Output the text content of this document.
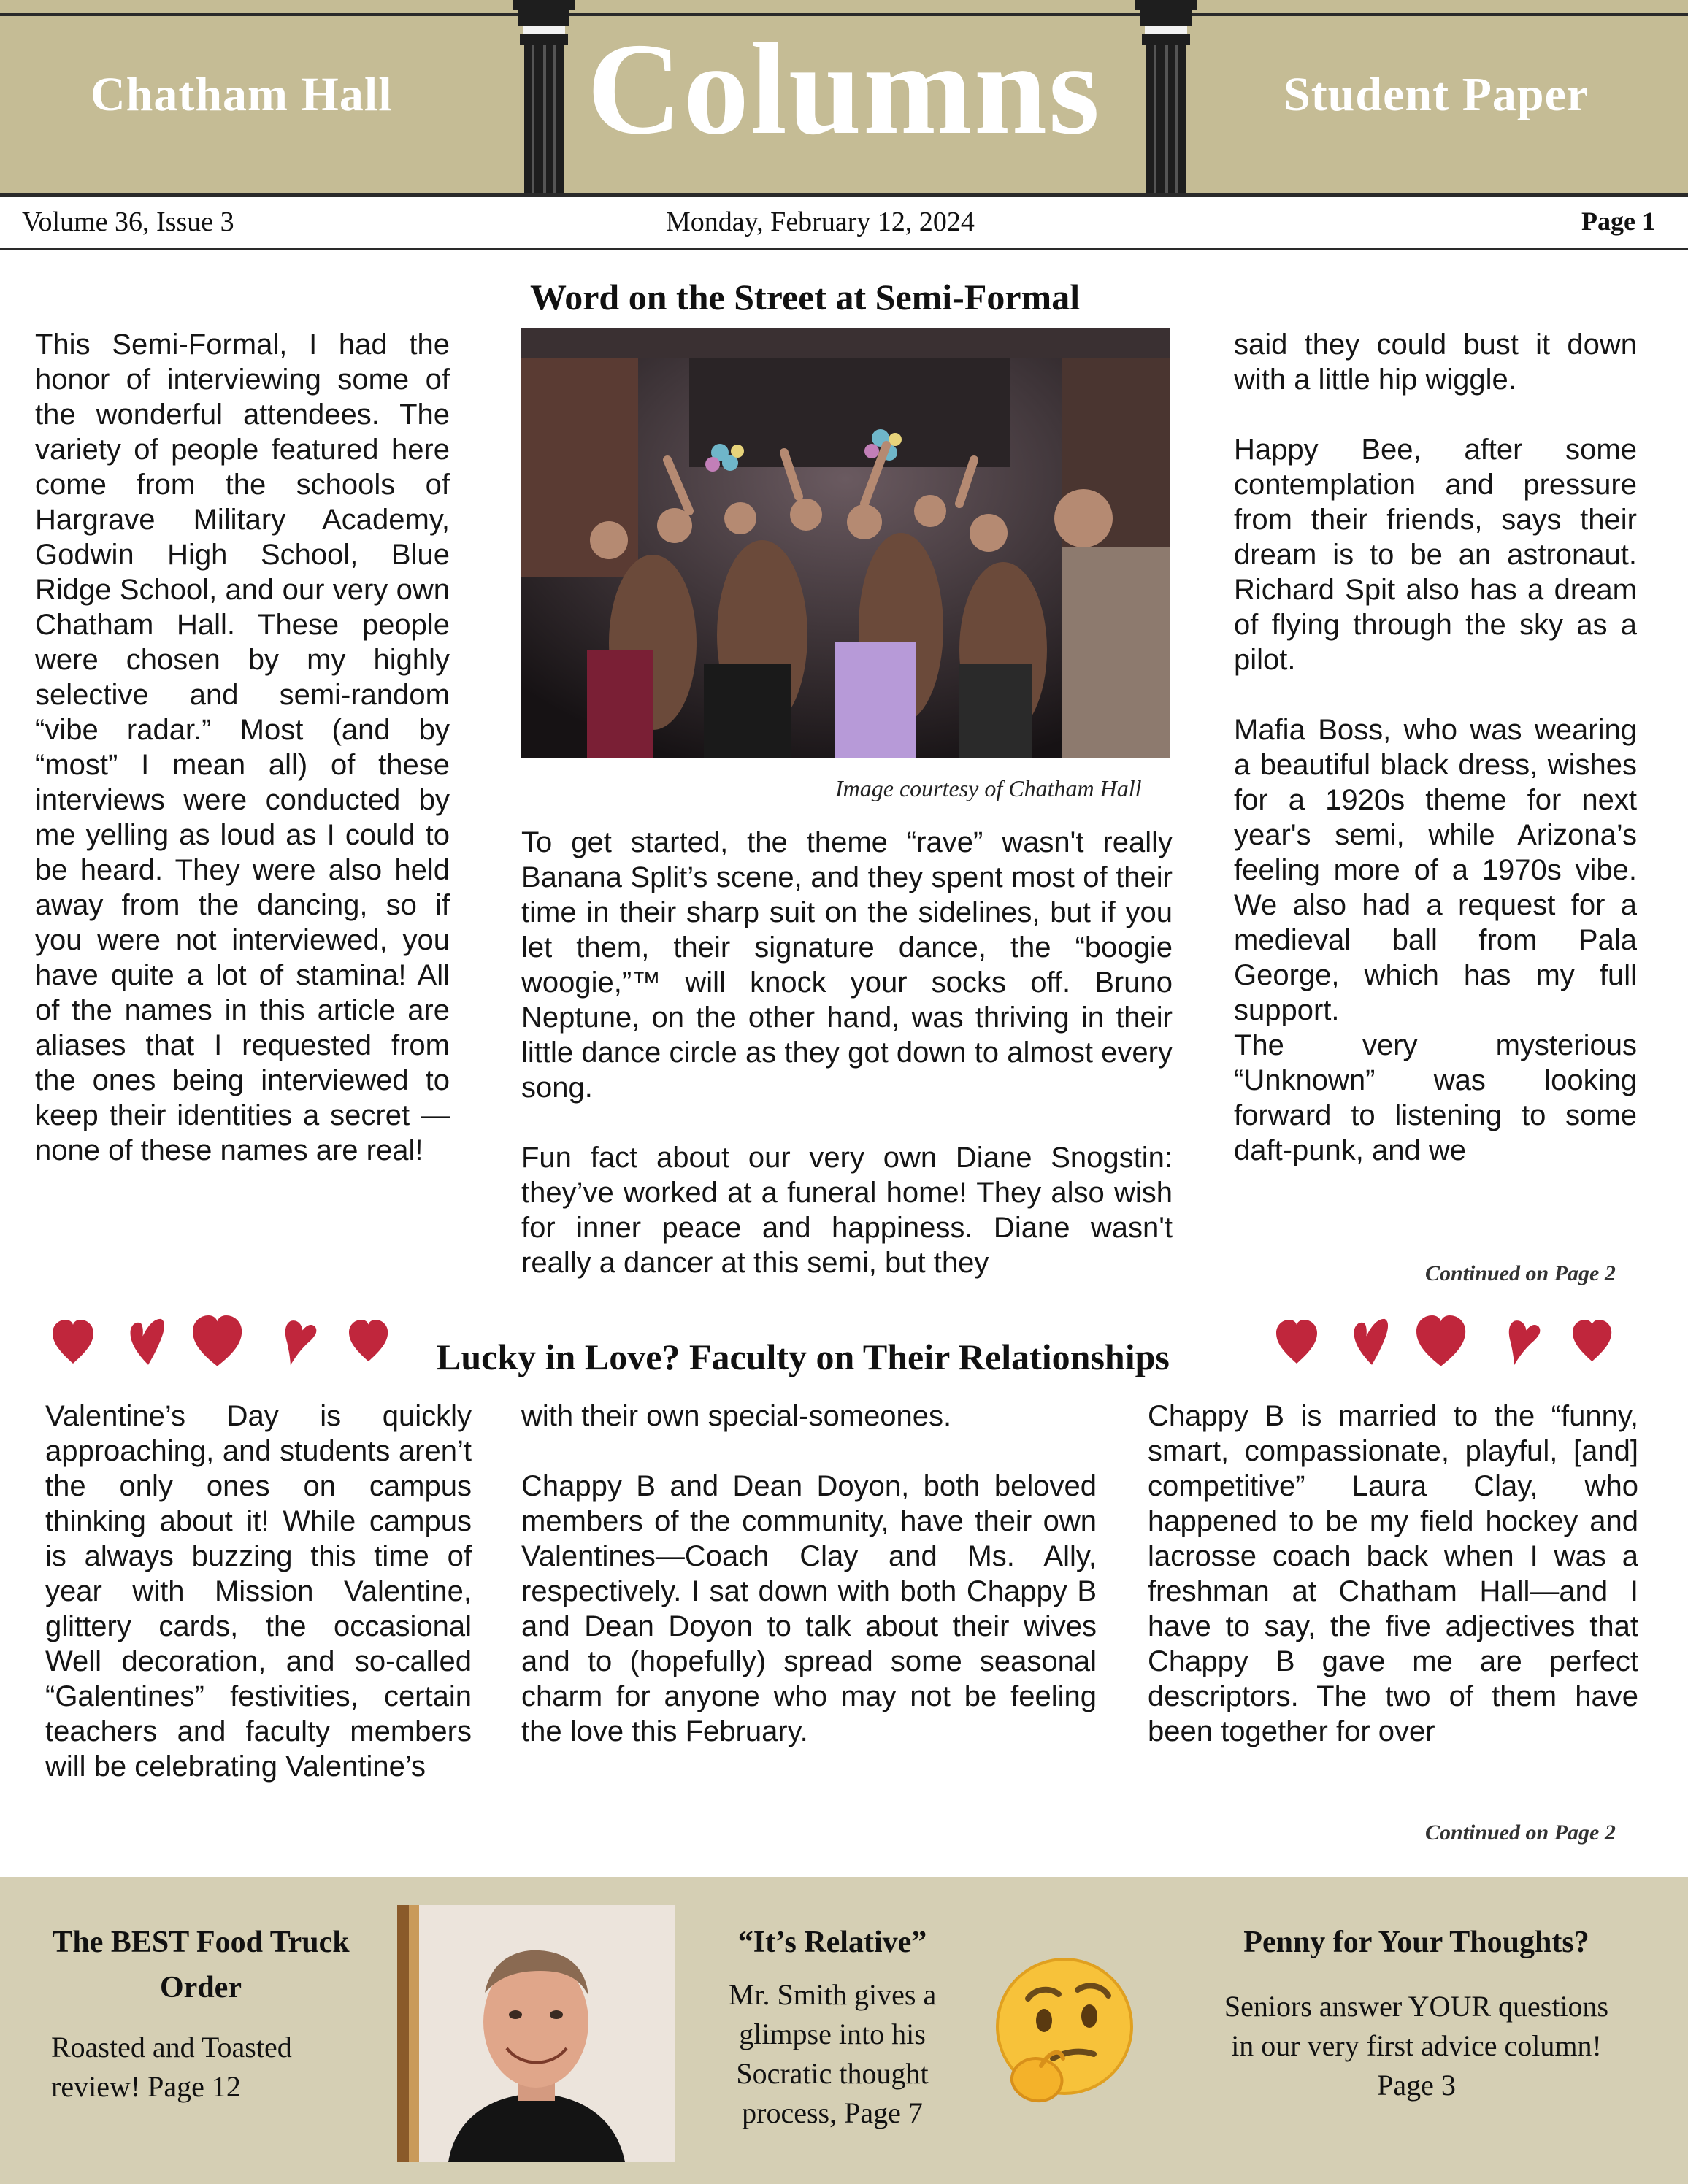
Chatham Hall	Student Paper
Columns
Volume 36, Issue 3	Monday, February 12, 2024	Page 1
Word on the Street at Semi-Formal

This Semi-Formal, I had the honor of interviewing some of the wonderful attendees. The variety of people featured here come from the schools of Hargrave Military Academy, Godwin High School, Blue Ridge School, and our very own Chatham Hall. These people were chosen by my highly selective and semi-random “vibe radar.” Most (and by “most” I mean all) of these interviews were conducted by me yelling as loud as I could to be heard. They were also held away from the dancing, so if you were not interviewed, you have quite a lot of stamina! All of the names in this article are aliases that I requested from the ones being interviewed to keep their identities a secret —none of these names are real!

Image courtesy of Chatham Hall

To get started, the theme “rave” wasn't really Banana Split’s scene, and they spent most of their time in their sharp suit on the sidelines, but if you let them, their signature dance, the “boogie woogie,”™ will knock your socks off. Bruno Neptune, on the other hand, was thriving in their little dance circle as they got down to almost every song.

Fun fact about our very own Diane Snogstin: they’ve worked at a funeral home! They also wish for inner peace and happiness. Diane wasn't really a dancer at this semi, but they

said they could bust it down with a little hip wiggle.

Happy Bee, after some contemplation and pressure from their friends, says their dream is to be an astronaut. Richard Spit also has a dream of flying through the sky as a pilot.

Mafia Boss, who was wearing a beautiful black dress, wishes for a 1920s theme for next year's semi, while Arizona’s feeling more of a 1970s vibe. We also had a request for a medieval ball from Pala George, which has my full support.
The very mysterious “Unknown” was looking forward to listening to some daft-punk, and we

Continued on Page 2
Lucky in Love? Faculty on Their Relationships

Valentine’s Day is quickly approaching, and students aren’t the only ones on campus thinking about it! While campus is always buzzing this time of year with Mission Valentine, glittery cards, the occasional Well decoration, and so-called “Galentines” festivities, certain teachers and faculty members will be celebrating Valentine’s

with their own special-someones.

Chappy B and Dean Doyon, both beloved members of the community, have their own Valentines—Coach Clay and Ms. Ally, respectively. I sat down with both Chappy B and Dean Doyon to talk about their wives and to (hopefully) spread some seasonal charm for anyone who may not be feeling the love this February.

Chappy B is married to the “funny, smart, compassionate, playful, [and] competitive” Laura Clay, who happened to be my field hockey and lacrosse coach back when I was a freshman at Chatham Hall—and I have to say, the five adjectives that Chappy B gave me are perfect descriptors. The two of them have been together for over

Continued on Page 2
The BEST Food Truck Order
Roasted and Toasted review! Page 12
“It’s Relative”
Mr. Smith gives a glimpse into his Socratic thought process, Page 7
Penny for Your Thoughts?
Seniors answer YOUR questions in our very first advice column! Page 3
